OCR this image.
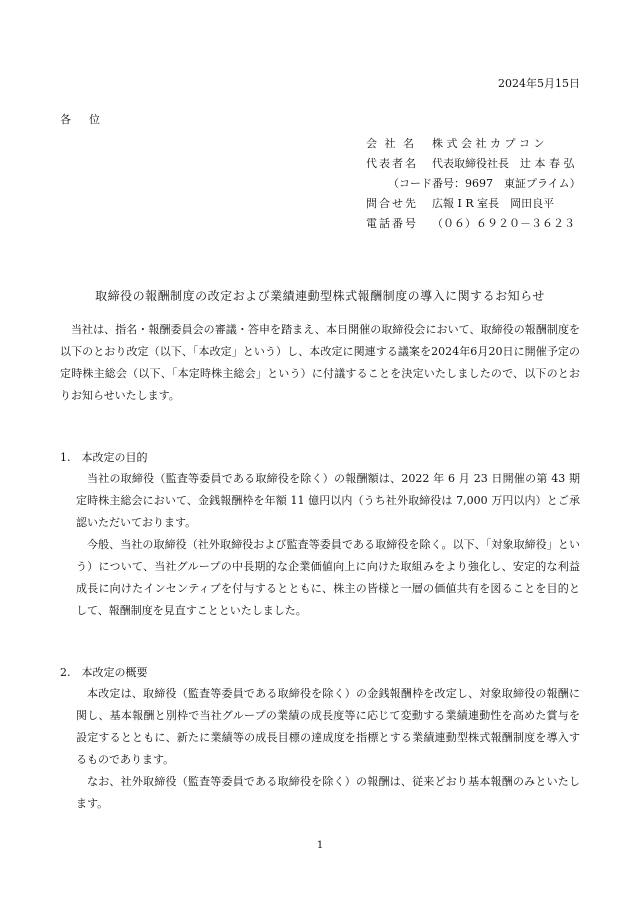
2024年5月15日
各位
会 社 名	株 式 会 社 カ プ コ ン
代表者名	代表取締役社長　辻 本 春 弘
（コード番号：9697　東証プライム）
問合せ先	広報 I R 室長　岡田良平
電話番号	（０６）６９２０－３６２３
取締役の報酬制度の改定および業績連動型株式報酬制度の導入に関するお知らせ
当社は、指名・報酬委員会の審議・答申を踏まえ、本日開催の取締役会において、取締役の報酬制度を以下のとおり改定（以下、「本改定」という）し、本改定に関連する議案を2024年6月20日に開催予定の定時株主総会（以下、「本定時株主総会」という）に付議することを決定いたしましたので、以下のとおりお知らせいたします。
1.　本改定の目的

当社の取締役（監査等委員である取締役を除く）の報酬額は、2022 年 6 月 23 日開催の第 43 期定時株主総会において、金銭報酬枠を年額 11 億円以内（うち社外取締役は 7,000 万円以内）とご承認いただいております。

今般、当社の取締役（社外取締役および監査等委員である取締役を除く。以下、「対象取締役」という）について、当社グループの中長期的な企業価値向上に向けた取組みをより強化し、安定的な利益成長に向けたインセンティブを付与するとともに、株主の皆様と一層の価値共有を図ることを目的として、報酬制度を見直すことといたしました。

2.　本改定の概要

本改定は、取締役（監査等委員である取締役を除く）の金銭報酬枠を改定し、対象取締役の報酬に関し、基本報酬と別枠で当社グループの業績の成長度等に応じて変動する業績連動性を高めた賞与を設定するとともに、新たに業績等の成長目標の達成度を指標とする業績連動型株式報酬制度を導入するものであります。

なお、社外取締役（監査等委員である取締役を除く）の報酬は、従来どおり基本報酬のみといたします。

1
